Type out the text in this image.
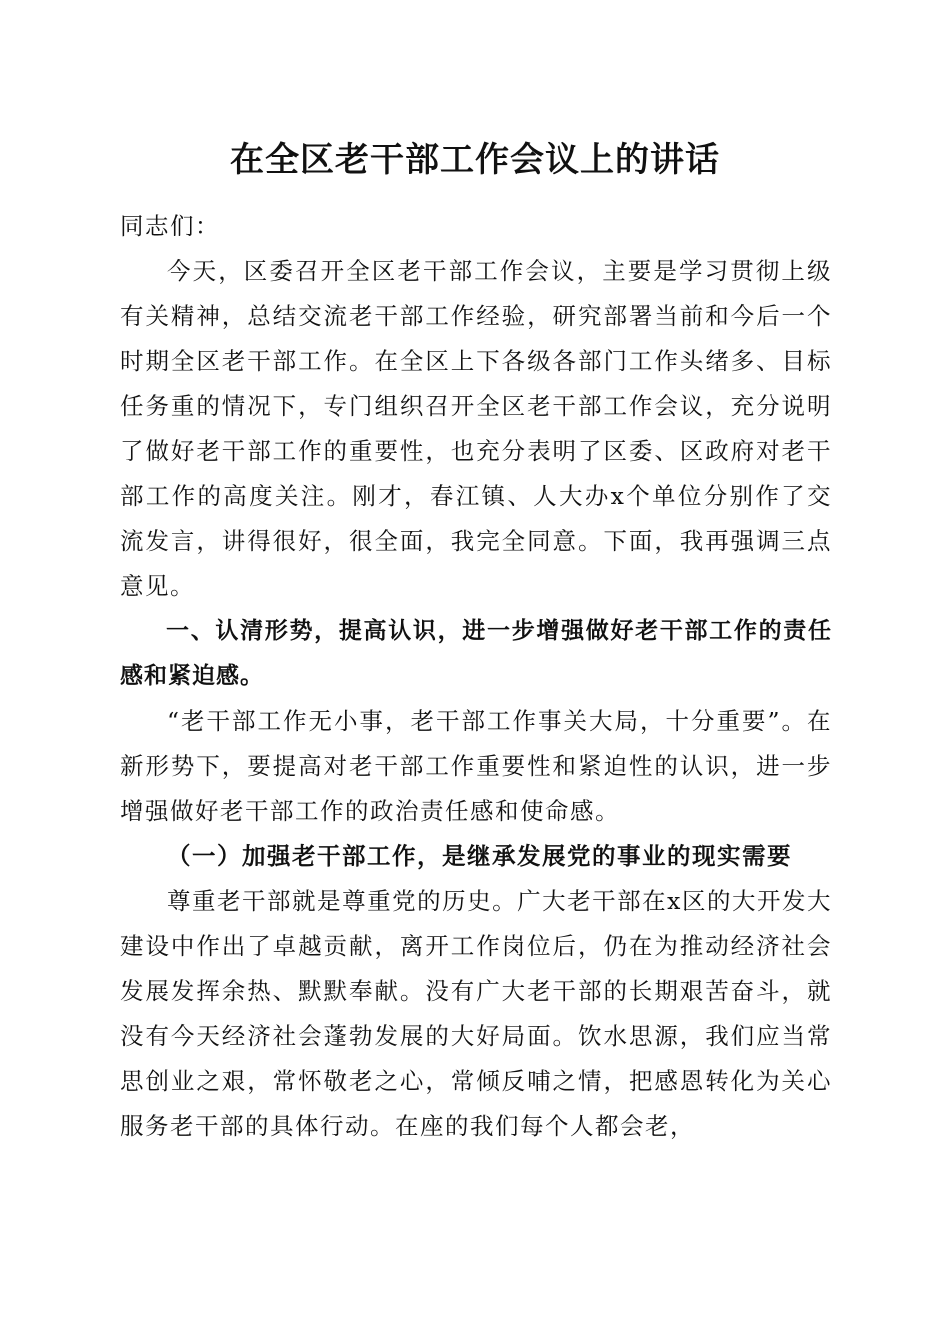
在全区老干部工作会议上的讲话

同志们：

今天，区委召开全区老干部工作会议，主要是学习贯彻上级有关精神，总结交流老干部工作经验，研究部署当前和今后一个时期全区老干部工作。在全区上下各级各部门工作头绪多、目标任务重的情况下，专门组织召开全区老干部工作会议，充分说明了做好老干部工作的重要性，也充分表明了区委、区政府对老干部工作的高度关注。刚才，春江镇、人大办x个单位分别作了交流发言，讲得很好，很全面，我完全同意。下面，我再强调三点意见。

一、认清形势，提高认识，进一步增强做好老干部工作的责任感和紧迫感。

“老干部工作无小事，老干部工作事关大局，十分重要”。在新形势下，要提高对老干部工作重要性和紧迫性的认识，进一步增强做好老干部工作的政治责任感和使命感。

（一）加强老干部工作，是继承发展党的事业的现实需要

尊重老干部就是尊重党的历史。广大老干部在x区的大开发大建设中作出了卓越贡献，离开工作岗位后，仍在为推动经济社会发展发挥余热、默默奉献。没有广大老干部的长期艰苦奋斗，就没有今天经济社会蓬勃发展的大好局面。饮水思源，我们应当常思创业之艰，常怀敬老之心，常倾反哺之情，把感恩转化为关心服务老干部的具体行动。在座的我们每个人都会老，
